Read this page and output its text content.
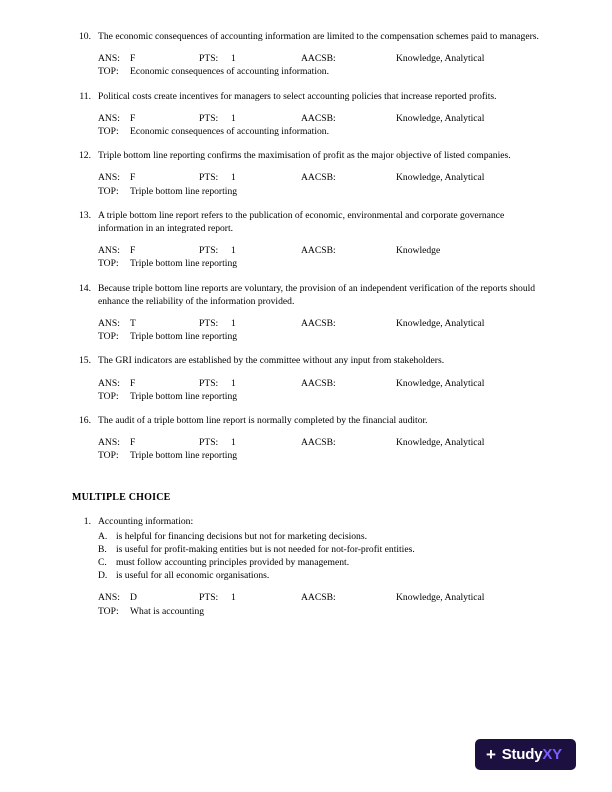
10. The economic consequences of accounting information are limited to the compensation schemes paid to managers.
ANS: F	PTS: 1	AACSB:	Knowledge, Analytical
TOP: Economic consequences of accounting information.
11. Political costs create incentives for managers to select accounting policies that increase reported profits.
ANS: F	PTS: 1	AACSB:	Knowledge, Analytical
TOP: Economic consequences of accounting information.
12. Triple bottom line reporting confirms the maximisation of profit as the major objective of listed companies.
ANS: F	PTS: 1	AACSB:	Knowledge, Analytical
TOP: Triple bottom line reporting
13. A triple bottom line report refers to the publication of economic, environmental and corporate governance information in an integrated report.
ANS: F	PTS: 1	AACSB:	Knowledge
TOP: Triple bottom line reporting
14. Because triple bottom line reports are voluntary, the provision of an independent verification of the reports should enhance the reliability of the information provided.
ANS: T	PTS: 1	AACSB:	Knowledge, Analytical
TOP: Triple bottom line reporting
15. The GRI indicators are established by the committee without any input from stakeholders.
ANS: F	PTS: 1	AACSB:	Knowledge, Analytical
TOP: Triple bottom line reporting
16. The audit of a triple bottom line report is normally completed by the financial auditor.
ANS: F	PTS: 1	AACSB:	Knowledge, Analytical
TOP: Triple bottom line reporting
MULTIPLE CHOICE
1. Accounting information:
A. is helpful for financing decisions but not for marketing decisions.
B. is useful for profit-making entities but is not needed for not-for-profit entities.
C. must follow accounting principles provided by management.
D. is useful for all economic organisations.
ANS: D	PTS: 1	AACSB:	Knowledge, Analytical
TOP: What is accounting
+ StudyXY
